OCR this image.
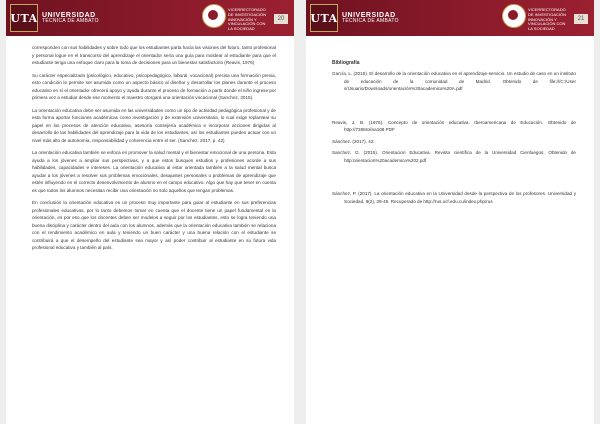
UTA UNIVERSIDAD
TÉCNICA DE AMBATO
VICERRECTORADO DE INVESTIGACIÓN INNOVACIÓN Y VINCULACIÓN CON LA SOCIEDAD
20

corresponden con sus habilidades y sobre todo que los estudiantes parta hacia las visiones del futuro, tanto profesional y personal logue en el transcurso del aprendizaje el orientador sería una guía para moldear al estudiante para que el estudiante tenga una enfoque claro para la toma de decisiones para un bienestar satisfactorio (Reavis, 1976)

Su carácter especializado (psicológico, educativo, psicopedagógico, laboral, vocacional) precisa una formación previa, esto condición le permite ser asumida como un aspecto básico al diseñar y desarrollar los planes durante el proceso educativo en sí el orientador ofrecerá apoyo y ayuda durante el proceso de formación a partir donde el niño ingrese por primera vez a estudiar desde ese momento el maestro otorgará una orientación vocacional (Sanchez, 2015).

La orientación educativa debe ser asumida en las universidades como un tipo de actividad pedagógica profesional y de esta forma aportar funciones académicas como investigación y de extensión universitaria, lo cual exige replantear su papel en los procesos de atención educativa, asesoría consejería académica e incorporar acciones dirigidas al desarrollo de las habilidades del aprendizaje para la vida de los estudiantes, así los estudiantes pueden actuar con un nivel más alto de autonomía, responsabilidad y coherencia entre el ser. (Sanchez, 2017, p. 42)

La orientación educativa también se enfoca en promover la salud mental y el bienestar emocional de una persona. Esta ayuda a los jóvenes a ampliar sus perspectivas, y a que estos busquen estudios y profesiones acorde a sus habilidades, capacidades e intereses. La orientación educativa al estar orientada también a la salud mental busca ayudar a los jóvenes a resolver sus problemas emocionales, desajustes personales o problemas de aprendizaje que estén influyendo en el correcto desenvolvimiento de alumno en el campo educativo. Algo que hay que tener en cuenta es que todos los alumnos necesitan recibir una orientación no solo aquellos que tengan problemas.

En conclusión la orientación educativa es un proceso muy importante para guiar al estudiante en sus preferencias profesionales educativas, por lo tanto debemos tomar en cuenta que el docente tiene un papel fundamental en la orientación, es por eso que los docentes deben ser modelos a seguir por los estudiantes, esto se logra teniendo una buena disciplina y carácter dentro del aula con los alumnos, además que la orientación educativa también se relaciona con el rendimiento académico en aula y teniendo un buen carácter y una buena relación con el estudiante se contribuirá a que el desempeño del estudiante sea mayor y así poder contribuir al estudiante en su futura vida profesional educativa y también al país.

UTA UNIVERSIDAD
TÉCNICA DE AMBATO
VICERRECTORADO DE INVESTIGACIÓN INNOVACIÓN Y VINCULACIÓN CON LA SOCIEDAD
21
Bibliografía
García, L. (2016). El desarrollo de la orientación educativa en el aprendizaje-servicio. Un estudio de caso en un instituto de educación de la comunidad de Madrid. Obtenido de file:///C:/User s/Usuario/Downloads/orientación%20academica%20A.pdf
Reavis, J. B. (1976). Concepto de orientación educativa. Iberoamericana de Educación. Obtenido de http://736Molina108.PDF
Sánchez. (2017). 42.
Sanchez, G. (2015). Orientacion Educativa. Revista científica de la Universidad Cienfuegos. Obtenido de http:orientacion%20academica%202.pdf
Sánchez, P. (2017). La orientación educativa en la Universidad desde la perspectiva de los profesores. Universidad y Sociedad, 9(2), 39-45. Recuperado de http://rus.ucf.edu.cu/index.php/rus
